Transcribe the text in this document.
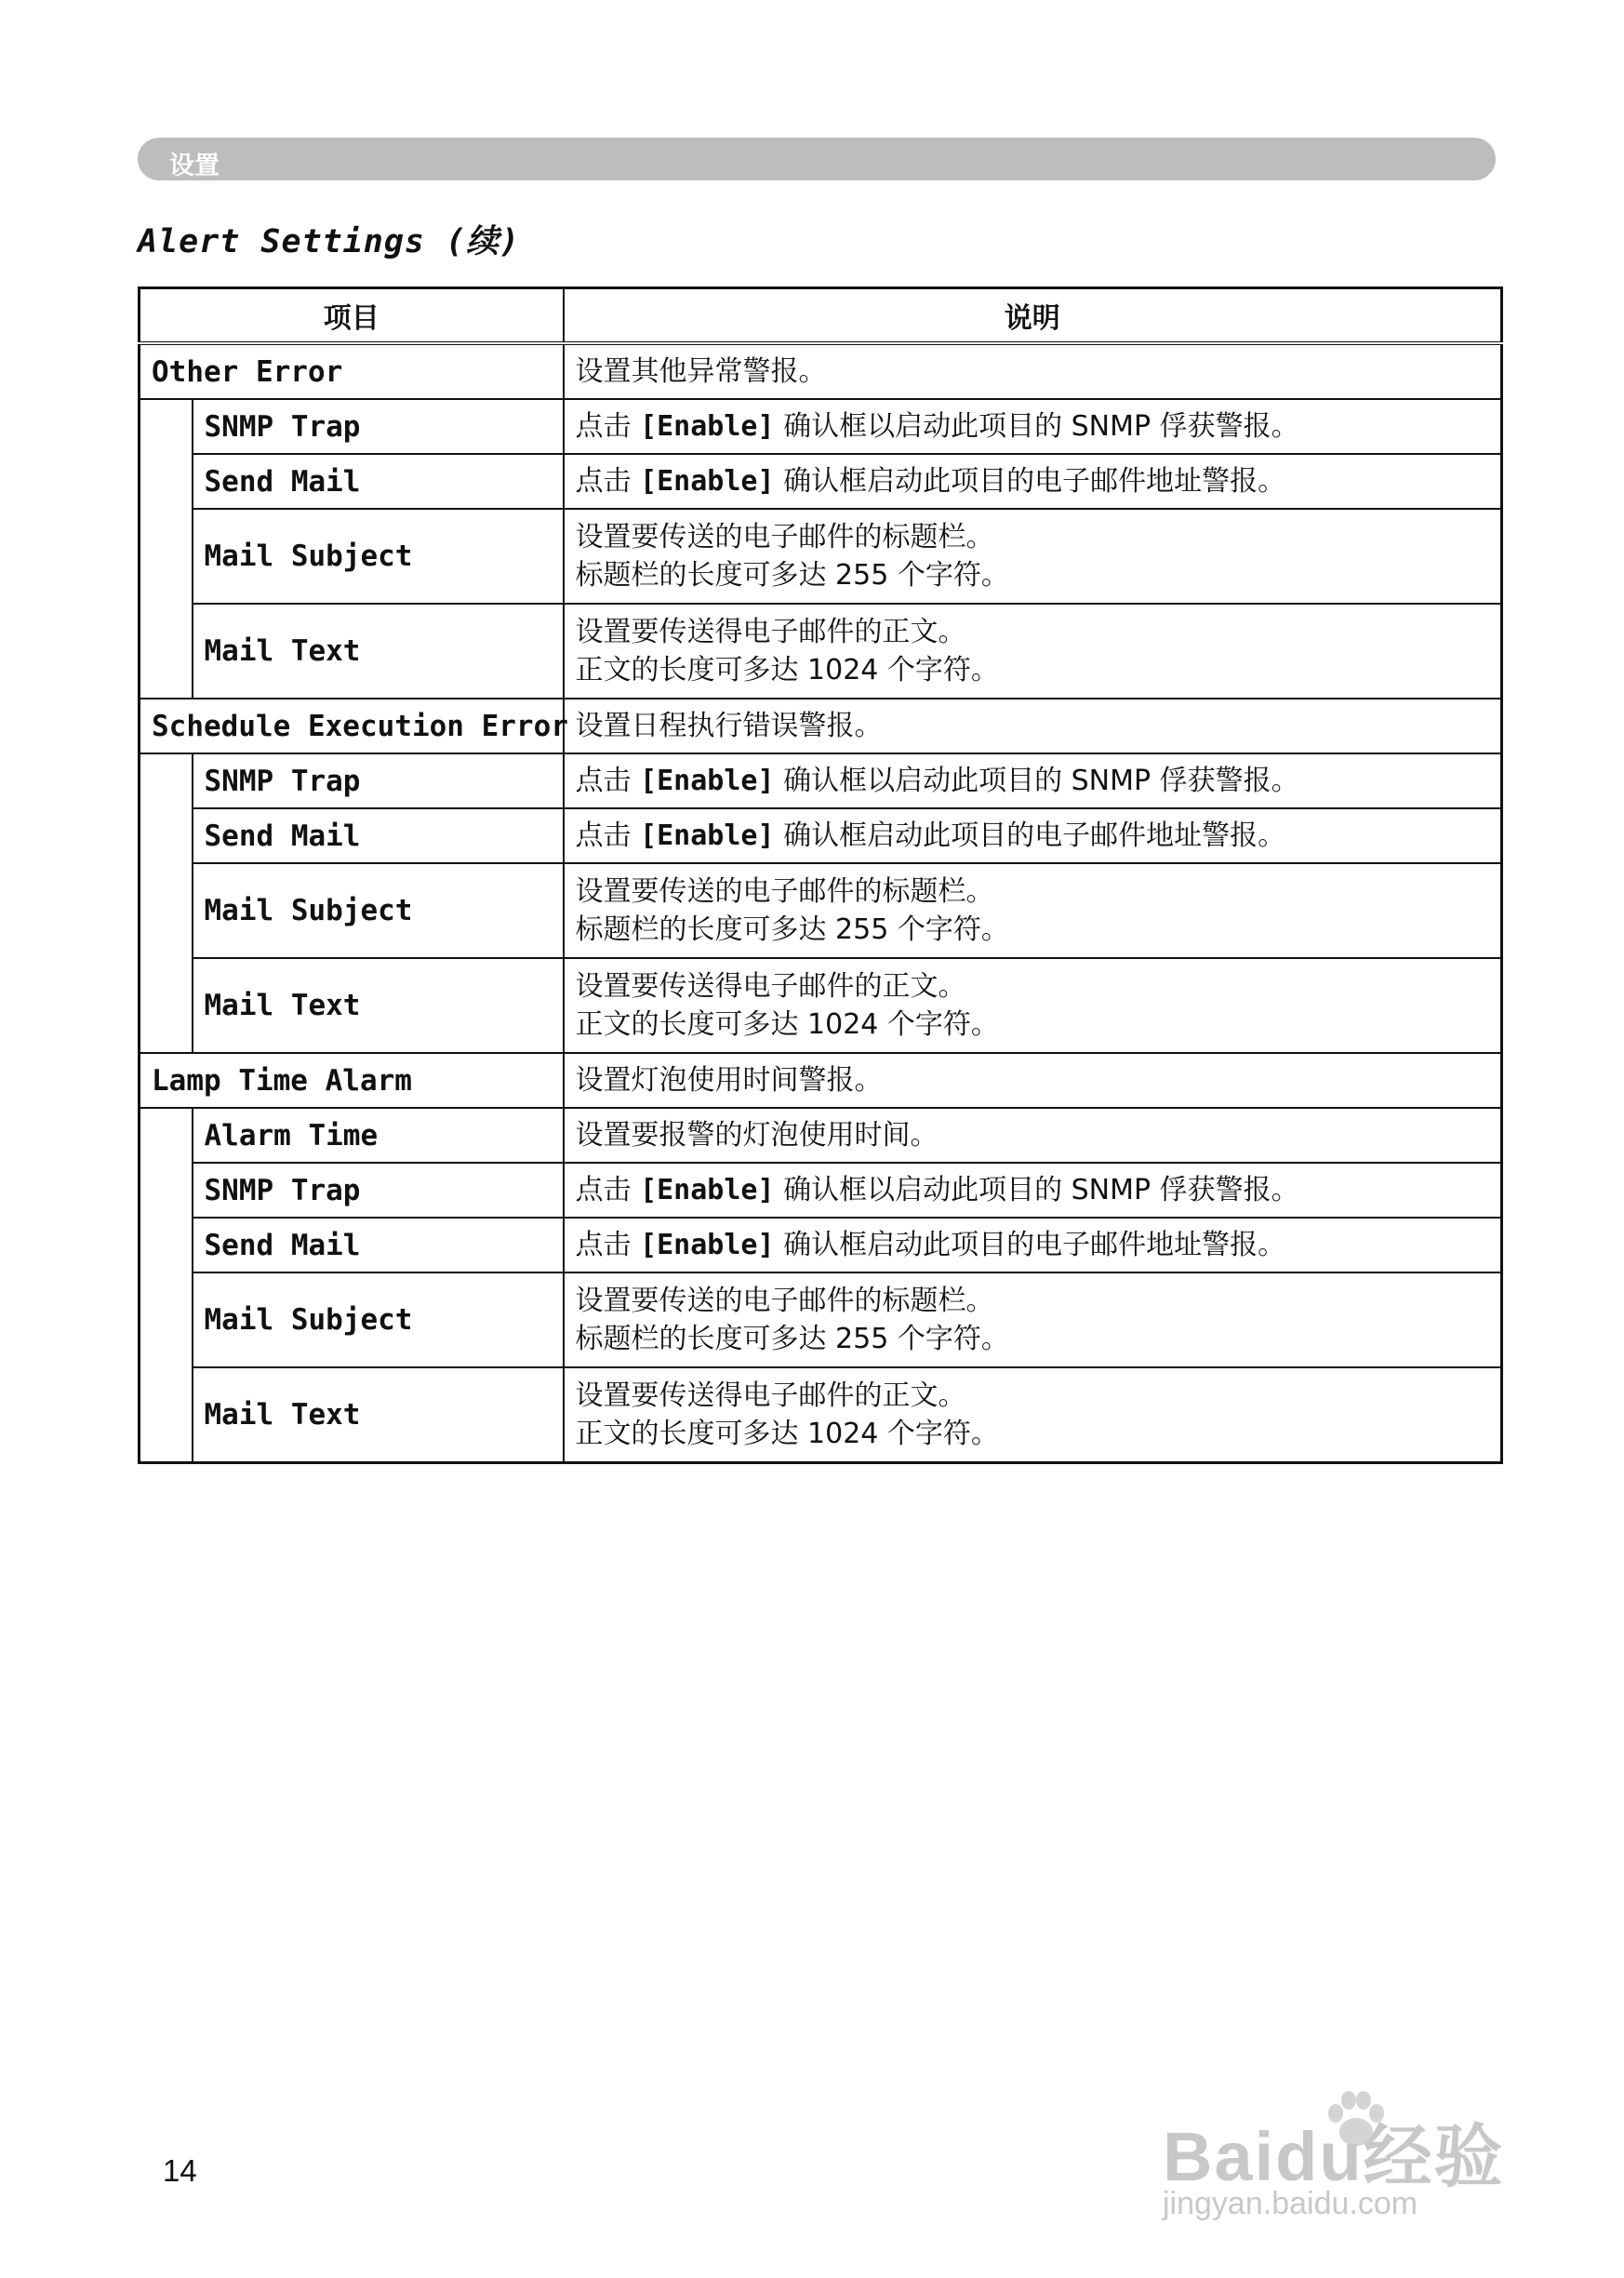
设置
Alert Settings (续)
项目		说明
Other Error		设置其他异常警报。
	SNMP Trap	点击 [Enable] 确认框以启动此项目的 SNMP 俘获警报。
	Send Mail	点击 [Enable] 确认框启动此项目的电子邮件地址警报。
	Mail Subject	设置要传送的电子邮件的标题栏。
标题栏的长度可多达 255 个字符。

	Mail Text	设置要传送得电子邮件的正文。
正文的长度可多达 1024 个字符。

Schedule Execution Error		设置日程执行错误警报。
	SNMP Trap	点击 [Enable] 确认框以启动此项目的 SNMP 俘获警报。
	Send Mail	点击 [Enable] 确认框启动此项目的电子邮件地址警报。
	Mail Subject	设置要传送的电子邮件的标题栏。
标题栏的长度可多达 255 个字符。

	Mail Text	设置要传送得电子邮件的正文。
正文的长度可多达 1024 个字符。

Lamp Time Alarm		设置灯泡使用时间警报。
	Alarm Time	设置要报警的灯泡使用时间。
	SNMP Trap	点击 [Enable] 确认框以启动此项目的 SNMP 俘获警报。
	Send Mail	点击 [Enable] 确认框启动此项目的电子邮件地址警报。
	Mail Subject	设置要传送的电子邮件的标题栏。
标题栏的长度可多达 255 个字符。

	Mail Text	设置要传送得电子邮件的正文。
正文的长度可多达 1024 个字符。
14	Baidu经验
jingyan.baidu.com
